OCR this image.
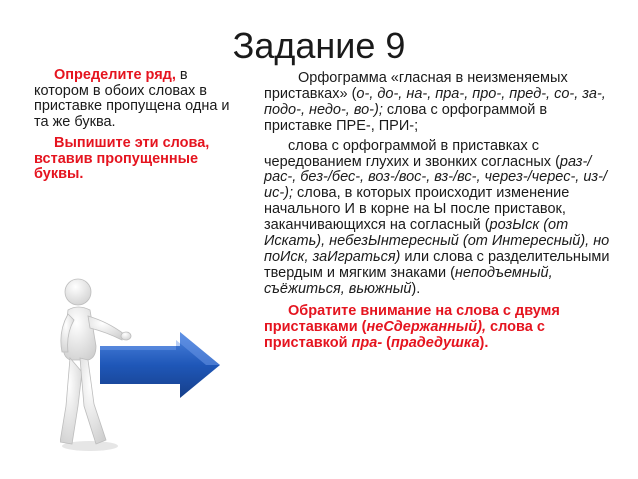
Задание 9

Определите ряд, в котором в обоих словах в приставке пропущена одна и та же буква.

Выпишите эти слова, вставив пропущенные буквы.

Орфограмма «гласная в неизменяемых приставках» (о-, до-, на-, пра-, про-, пред-, со-, за-, подо-, недо-, во-); слова с орфограммой в приставке ПРЕ-, ПРИ-;

слова с орфограммой в приставках с чередованием глухих и звонких согласных (раз-/рас-, без-/бес-, воз-/вос-, вз-/вс-, через-/черес-, из-/ис-); слова, в которых происходит изменение начального И в корне на Ы после приставок, заканчивающихся на согласный (розЫск (от Искать), небезЫнтересный (от Интересный), но поИск, заИграться) или слова с разделительными твердым и мягким знаками (неподъемный, съёжиться, вьюжный).

Обратите внимание на слова с двумя приставками (неСдержанный), слова с приставкой пра- (прадедушка).
